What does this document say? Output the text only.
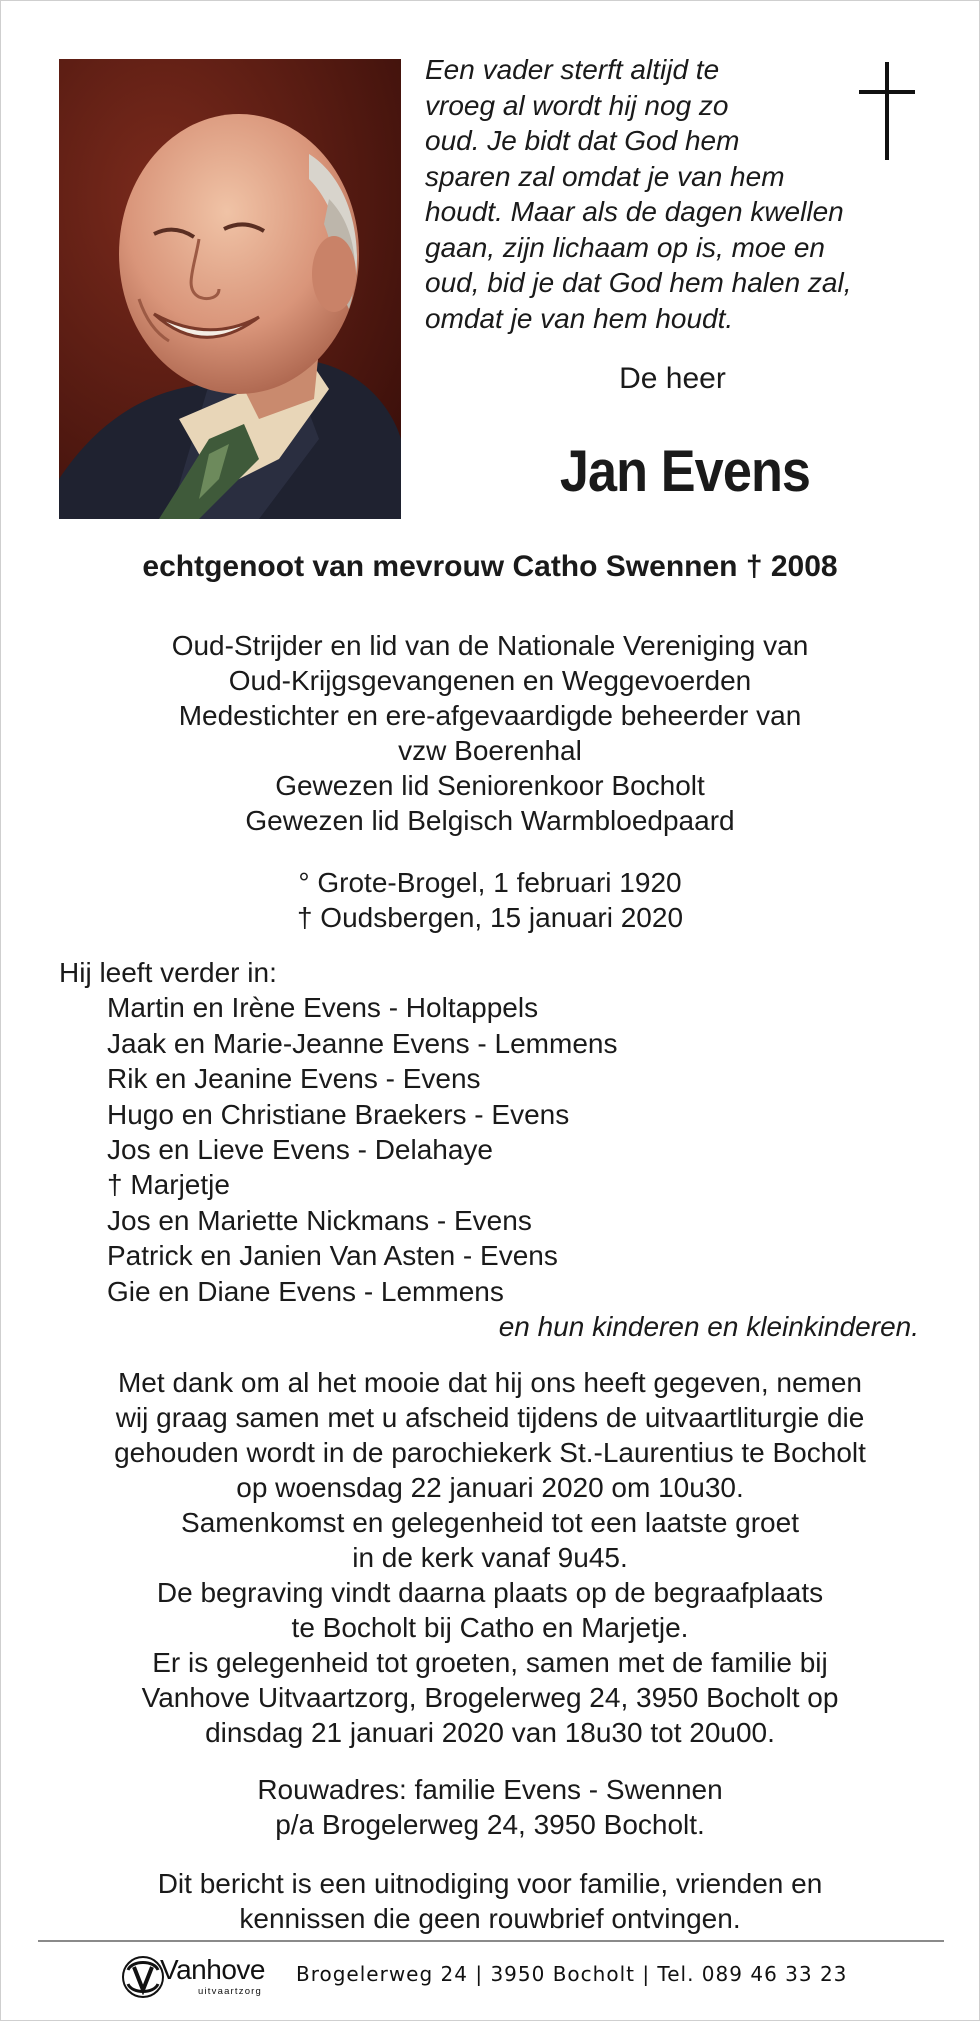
Een vader sterft altijd te
vroeg al wordt hij nog zo
oud. Je bidt dat God hem
sparen zal omdat je van hem
houdt. Maar als de dagen kwellen
gaan, zijn lichaam op is, moe en
oud, bid je dat God hem halen zal,
omdat je van hem houdt.
De heer
Jan Evens
echtgenoot van mevrouw Catho Swennen † 2008
Oud-Strijder en lid van de Nationale Vereniging van
Oud-Krijgsgevangenen en Weggevoerden
Medestichter en ere-afgevaardigde beheerder van
vzw Boerenhal
Gewezen lid Seniorenkoor Bocholt
Gewezen lid Belgisch Warmbloedpaard
° Grote-Brogel, 1 februari 1920
† Oudsbergen, 15 januari 2020
Hij leeft verder in:
Martin en Irène Evens - Holtappels
Jaak en Marie-Jeanne Evens - Lemmens
Rik en Jeanine Evens - Evens
Hugo en Christiane Braekers - Evens
Jos en Lieve Evens - Delahaye
† Marjetje
Jos en Mariette Nickmans - Evens
Patrick en Janien Van Asten - Evens
Gie en Diane Evens - Lemmens
en hun kinderen en kleinkinderen.
Met dank om al het mooie dat hij ons heeft gegeven, nemen
wij graag samen met u afscheid tijdens de uitvaartliturgie die
gehouden wordt in de parochiekerk St.-Laurentius te Bocholt
op woensdag 22 januari 2020 om 10u30.
Samenkomst en gelegenheid tot een laatste groet
in de kerk vanaf 9u45.
De begraving vindt daarna plaats op de begraafplaats
te Bocholt bij Catho en Marjetje.
Er is gelegenheid tot groeten, samen met de familie bij
Vanhove Uitvaartzorg, Brogelerweg 24, 3950 Bocholt op
dinsdag 21 januari 2020 van 18u30 tot 20u00.
Rouwadres: familie Evens - Swennen
p/a Brogelerweg 24, 3950 Bocholt.
Dit bericht is een uitnodiging voor familie, vrienden en
kennissen die geen rouwbrief ontvingen.
Vanhove
uitvaartzorg
Brogelerweg 24 | 3950 Bocholt | Tel. 089 46 33 23
